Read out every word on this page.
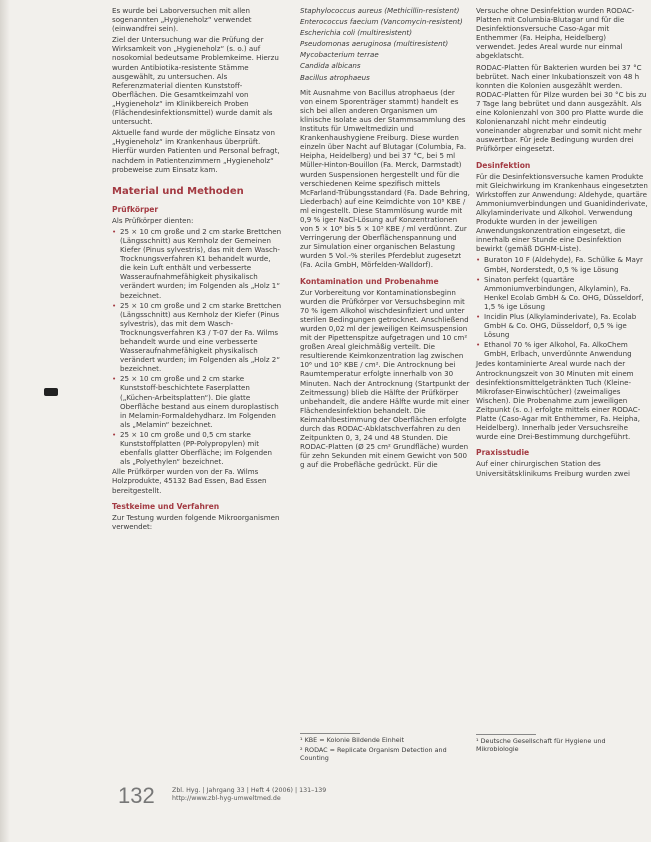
Es wurde bei Laborversuchen mit allen sogenannten „Hygieneholz“ verwendet (einwandfrei sein).

Ziel der Untersuchung war die Prüfung der Wirksamkeit von „Hygieneholz“ (s. o.) auf nosokomial bedeutsame Problemkeime. Hierzu wurden Antibiotika-resistente Stämme ausgewählt, zu untersuchen. Als Referenzmaterial dienten Kunststoff-Oberflächen. Die Gesamtkeimzahl von „Hygieneholz“ im Klinikbereich Proben (Flächendesinfektionsmittel) wurde damit als untersucht.

Aktuelle fand wurde der mögliche Einsatz von „Hygieneholz“ im Krankenhaus überprüft. Hierfür wurden Patienten und Personal befragt, nachdem in Patientenzimmern „Hygieneholz“ probeweise zum Einsatz kam.

Material und Methoden
Prüfkörper

Als Prüfkörper dienten:

• 25 × 10 cm große und 2 cm starke Brettchen (Längsschnitt) aus Kernholz der Gemeinen Kiefer (Pinus sylvestris), das mit dem Wasch-Trocknungsverfahren K1 behandelt wurde, die kein Luft enthält und verbesserte Wasseraufnahmefähigkeit physikalisch verändert wurden; im Folgenden als „Holz 1“ bezeichnet.
• 25 × 10 cm große und 2 cm starke Brettchen (Längsschnitt) aus Kernholz der Kiefer (Pinus sylvestris), das mit dem Wasch-Trocknungsverfahren K3 / T-07 der Fa. Wilms behandelt wurde und eine verbesserte Wasseraufnahmefähigkeit physikalisch verändert wurden; im Folgenden als „Holz 2“ bezeichnet.
• 25 × 10 cm große und 2 cm starke Kunststoff-beschichtete Faserplatten („Küchen-Arbeitsplatten“). Die glatte Oberfläche bestand aus einem duroplastisch in Melamin-Formaldehydharz. Im Folgenden als „Melamin“ bezeichnet.
• 25 × 10 cm große und 0,5 cm starke Kunststoffplatten (PP-Polypropylen) mit ebenfalls glatter Oberfläche; im Folgenden als „Polyethylen“ bezeichnet.

Alle Prüfkörper wurden von der Fa. Wilms Holzprodukte, 45132 Bad Essen, Bad Essen bereitgestellt.

Testkeime und Verfahren

Zur Testung wurden folgende Mikroorganismen verwendet:

Staphylococcus aureus (Methicillin-resistent)

Enterococcus faecium (Vancomycin-resistent)

Escherichia coli (multiresistent)

Pseudomonas aeruginosa (multiresistent)

Mycobacterium terrae

Candida albicans

Bacillus atrophaeus

Mit Ausnahme von Bacillus atrophaeus (der von einem Sporenträger stammt) handelt es sich bei allen anderen Organismen um klinische Isolate aus der Stammsammlung des Instituts für Umweltmedizin und Krankenhaushygiene Freiburg. Diese wurden einzeln über Nacht auf Blutagar (Columbia, Fa. Heipha, Heidelberg) und bei 37 °C, bei 5 ml Müller-Hinton-Bouillon (Fa. Merck, Darmstadt) wurden Suspensionen hergestellt und für die verschiedenen Keime spezifisch mittels McFarland-Trübungsstandard (Fa. Dade Behring, Liederbach) auf eine Keimdichte von 10⁸ KBE / ml eingestellt. Diese Stammlösung wurde mit 0,9 % iger NaCl-Lösung auf Konzentrationen von 5 × 10⁶ bis 5 × 10⁵ KBE / ml verdünnt. Zur Verringerung der Oberflächenspannung und zur Simulation einer organischen Belastung wurden 5 Vol.-% steriles Pferdeblut zugesetzt (Fa. Acila GmbH, Mörfelden-Walldorf).

Kontamination und Probenahme

Zur Vorbereitung vor Kontaminationsbeginn wurden die Prüfkörper vor Versuchsbeginn mit 70 % igem Alkohol wischdesinfiziert und unter sterilen Bedingungen getrocknet. Anschließend wurden 0,02 ml der jeweiligen Keimsuspension mit der Pipettenspitze aufgetragen und 10 cm² großen Areal gleichmäßig verteilt. Die resultierende Keimkonzentration lag zwischen 10⁶ und 10⁵ KBE / cm². Die Antrocknung bei Raumtemperatur erfolgte innerhalb von 30 Minuten. Nach der Antrocknung (Startpunkt der Zeitmessung) blieb die Hälfte der Prüfkörper unbehandelt, die andere Hälfte wurde mit einer Flächendesinfektion behandelt. Die Keimzahlbestimmung der Oberflächen erfolgte durch das RODAC-Abklatschverfahren zu den Zeitpunkten 0, 3, 24 und 48 Stunden. Die RODAC-Platten (Ø 25 cm² Grundfläche) wurden für zehn Sekunden mit einem Gewicht von 500 g auf die Probefläche gedrückt. Für die

Versuche ohne Desinfektion wurden RODAC-Platten mit Columbia-Blutagar und für die Desinfektionsversuche Caso-Agar mit Enthemmer (Fa. Heipha, Heidelberg) verwendet. Jedes Areal wurde nur einmal abgeklatscht.

RODAC-Platten für Bakterien wurden bei 37 °C bebrütet. Nach einer Inkubationszeit von 48 h konnten die Kolonien ausgezählt werden. RODAC-Platten für Pilze wurden bei 30 °C bis zu 7 Tage lang bebrütet und dann ausgezählt. Als eine Kolonienzahl von 300 pro Platte wurde die Kolonienanzahl nicht mehr eindeutig voneinander abgrenzbar und somit nicht mehr auswertbar. Für jede Bedingung wurden drei Prüfkörper eingesetzt.

Desinfektion

Für die Desinfektionsversuche kamen Produkte mit Gleichwirkung im Krankenhaus eingesetzten Wirkstoffen zur Anwendung: Aldehyde, quartäre Ammoniumverbindungen und Guanidinderivate, Alkylaminderivate und Alkohol. Verwendung Produkte wurden in der jeweiligen Anwendungskonzentration eingesetzt, die innerhalb einer Stunde eine Desinfektion bewirkt (gemäß DGHM-Liste).

• Buraton 10 F (Aldehyde), Fa. Schülke & Mayr GmbH, Norderstedt, 0,5 % ige Lösung
• Sinaton perfekt (quartäre Ammoniumverbindungen, Alkylamin), Fa. Henkel Ecolab GmbH & Co. OHG, Düsseldorf, 1,5 % ige Lösung
• Incidin Plus (Alkylaminderivate), Fa. Ecolab GmbH & Co. OHG, Düsseldorf, 0,5 % ige Lösung
• Ethanol 70 % iger Alkohol, Fa. AlkoChem GmbH, Erlbach, unverdünnte Anwendung

Jedes kontaminierte Areal wurde nach der Antrocknungszeit von 30 Minuten mit einem desinfektionsmittelgetränkten Tuch (Kleine-Mikrofaser-Einwischtücher) (zweimaliges Wischen). Die Probenahme zum jeweiligen Zeitpunkt (s. o.) erfolgte mittels einer RODAC-Platte (Caso-Agar mit Enthemmer, Fa. Heipha, Heidelberg). Innerhalb jeder Versuchsreihe wurde eine Drei-Bestimmung durchgeführt.

Praxisstudie

Auf einer chirurgischen Station des Universitätsklinikums Freiburg wurden zwei

¹ KBE = Kolonie Bildende Einheit

² RODAC = Replicate Organism Detection and Counting

¹ Deutsche Gesellschaft für Hygiene und Mikrobiologie

132	Zbl. Hyg. | Jahrgang 33 | Heft 4 (2006) | 131–139
http://www.zbl-hyg-umweltmed.de
